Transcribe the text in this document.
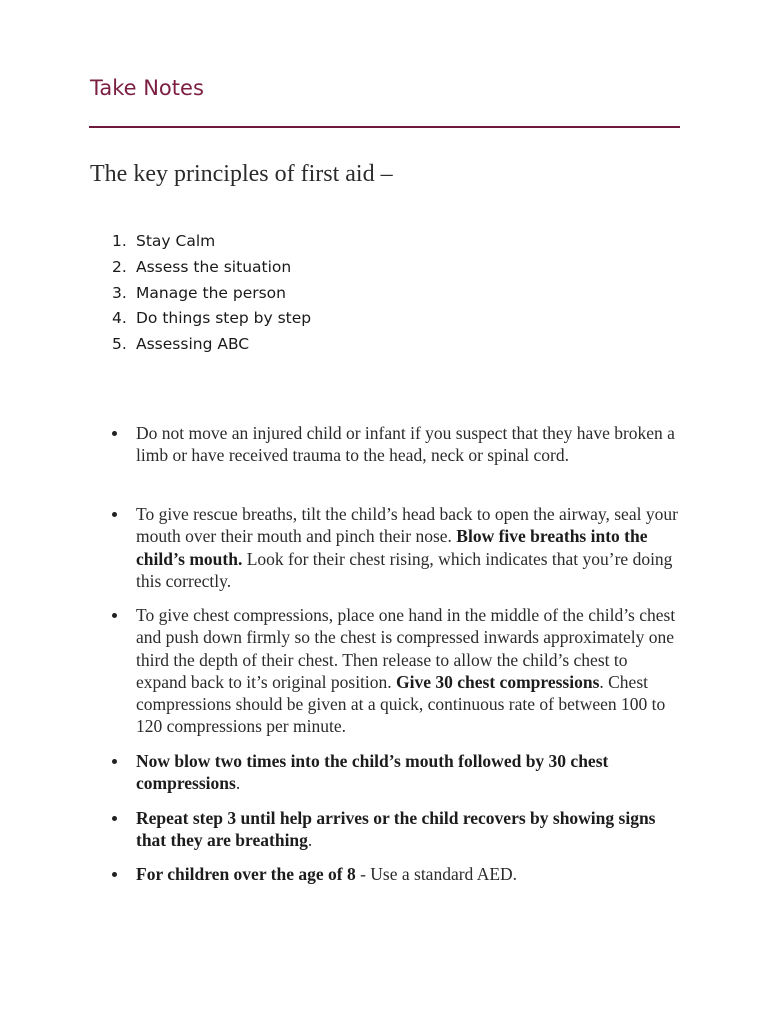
Take Notes
The key principles of first aid –
1. Stay Calm
2. Assess the situation
3. Manage the person
4. Do things step by step
5. Assessing ABC
Do not move an injured child or infant if you suspect that they have broken a limb or have received trauma to the head, neck or spinal cord.
To give rescue breaths, tilt the child’s head back to open the airway, seal your mouth over their mouth and pinch their nose. Blow five breaths into the child’s mouth. Look for their chest rising, which indicates that you’re doing this correctly.
To give chest compressions, place one hand in the middle of the child’s chest and push down firmly so the chest is compressed inwards approximately one third the depth of their chest. Then release to allow the child’s chest to expand back to it’s original position. Give 30 chest compressions. Chest compressions should be given at a quick, continuous rate of between 100 to 120 compressions per minute.
Now blow two times into the child’s mouth followed by 30 chest compressions.
Repeat step 3 until help arrives or the child recovers by showing signs that they are breathing.
For children over the age of 8 - Use a standard AED.
